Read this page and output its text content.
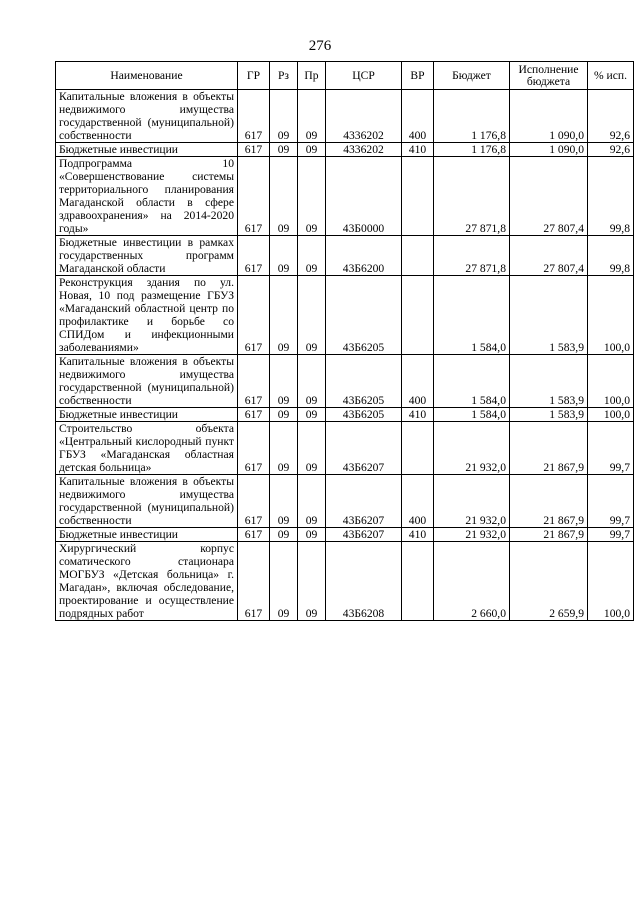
276
Наименование	ГР	Рз	Пр	ЦСР	ВР	Бюджет	Исполнение бюджета	% исп.
Капитальные вложения в объекты недвижимого имущества государственной (муниципальной) собственности	617	09	09	4336202	400	1 176,8	1 090,0	92,6
Бюджетные инвестиции	617	09	09	4336202	410	1 176,8	1 090,0	92,6
Подпрограмма 10 «Совершенствование системы территориального планирования Магаданской области в сфере здравоохранения» на 2014-2020 годы»	617	09	09	43Б0000		27 871,8	27 807,4	99,8
Бюджетные инвестиции в рамках государственных программ Магаданской области	617	09	09	43Б6200		27 871,8	27 807,4	99,8
Реконструкция здания по ул. Новая, 10 под размещение ГБУЗ «Магаданский областной центр по профилактике и борьбе со СПИДом и инфекционными заболеваниями»	617	09	09	43Б6205		1 584,0	1 583,9	100,0
Капитальные вложения в объекты недвижимого имущества государственной (муниципальной) собственности	617	09	09	43Б6205	400	1 584,0	1 583,9	100,0
Бюджетные инвестиции	617	09	09	43Б6205	410	1 584,0	1 583,9	100,0
Строительство объекта «Центральный кислородный пункт ГБУЗ «Магаданская областная детская больница»	617	09	09	43Б6207		21 932,0	21 867,9	99,7
Капитальные вложения в объекты недвижимого имущества государственной (муниципальной) собственности	617	09	09	43Б6207	400	21 932,0	21 867,9	99,7
Бюджетные инвестиции	617	09	09	43Б6207	410	21 932,0	21 867,9	99,7
Хирургический корпус соматического стационара МОГБУЗ «Детская больница» г. Магадан», включая обследование, проектирование и осуществление подрядных работ	617	09	09	43Б6208		2 660,0	2 659,9	100,0
